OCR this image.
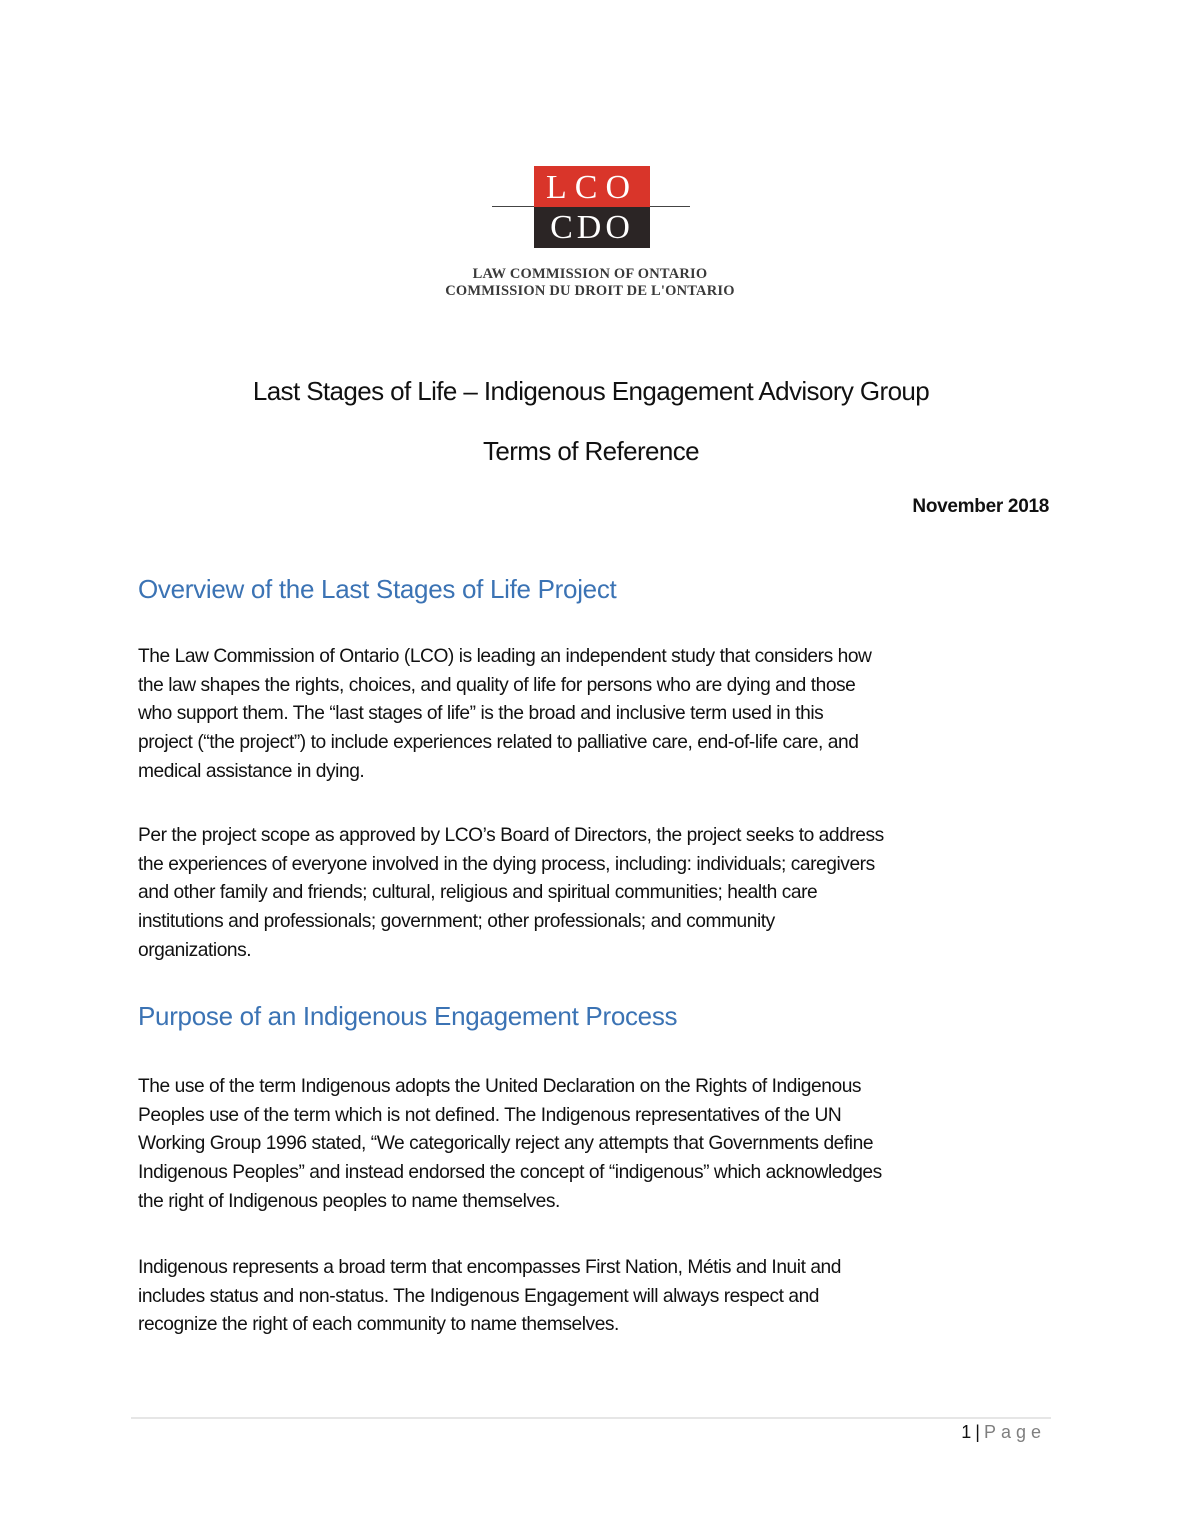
LCO
CDO
LAW COMMISSION OF ONTARIO
COMMISSION DU DROIT DE L'ONTARIO
Last Stages of Life – Indigenous Engagement Advisory Group
Terms of Reference
November 2018
Overview of the Last Stages of Life Project
The Law Commission of Ontario (LCO) is leading an independent study that considers how
the law shapes the rights, choices, and quality of life for persons who are dying and those
who support them. The “last stages of life” is the broad and inclusive term used in this
project (“the project”) to include experiences related to palliative care, end-of-life care, and
medical assistance in dying.
Per the project scope as approved by LCO’s Board of Directors, the project seeks to address
the experiences of everyone involved in the dying process, including: individuals; caregivers
and other family and friends; cultural, religious and spiritual communities; health care
institutions and professionals; government; other professionals; and community
organizations.
Purpose of an Indigenous Engagement Process
The use of the term Indigenous adopts the United Declaration on the Rights of Indigenous
Peoples use of the term which is not defined. The Indigenous representatives of the UN
Working Group 1996 stated, “We categorically reject any attempts that Governments define
Indigenous Peoples” and instead endorsed the concept of “indigenous” which acknowledges
the right of Indigenous peoples to name themselves.
Indigenous represents a broad term that encompasses First Nation, Métis and Inuit and
includes status and non-status. The Indigenous Engagement will always respect and
recognize the right of each community to name themselves.
1 | Page
